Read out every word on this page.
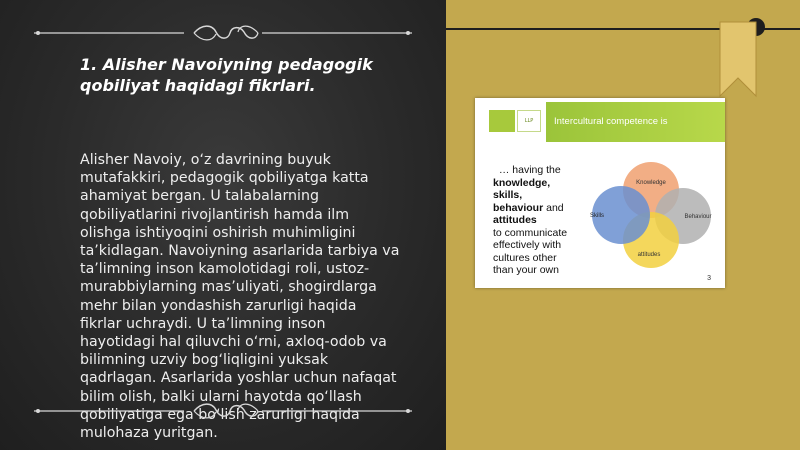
1. Alisher Navoiyning pedagogik
qobiliyat haqidagi fikrlari.

Alisher Navoiy, o‘z davrining buyuk
mutafakkiri, pedagogik qobiliyatga katta
ahamiyat bergan. U talabalarning
qobiliyatlarini rivojlantirish hamda ilm
olishga ishtiyoqini oshirish muhimligini
ta’kidlagan. Navoiyning asarlarida tarbiya va
ta’limning inson kamolotidagi roli, ustoz-
murabbiylarning mas’uliyati, shogirdlarga
mehr bilan yondashish zarurligi haqida
fikrlar uchraydi. U ta’limning inson
hayotidagi hal qiluvchi o‘rni, axloq-odob va
bilimning uzviy bog‘liqligini yuksak
qadrlagan. Asarlarida yoshlar uchun nafaqat
bilim olish, balki ularni hayotda qo‘llash
qobiliyatiga ega bo‘lish zarurligi haqida
mulohaza yuritgan.

LLP	Intercultural competence is
… having the
knowledge,
skills,
behaviour and
attitudes
to communicate
effectively with
cultures other
than your own
Knowledge
Skills	Behaviour
attitudes
3
